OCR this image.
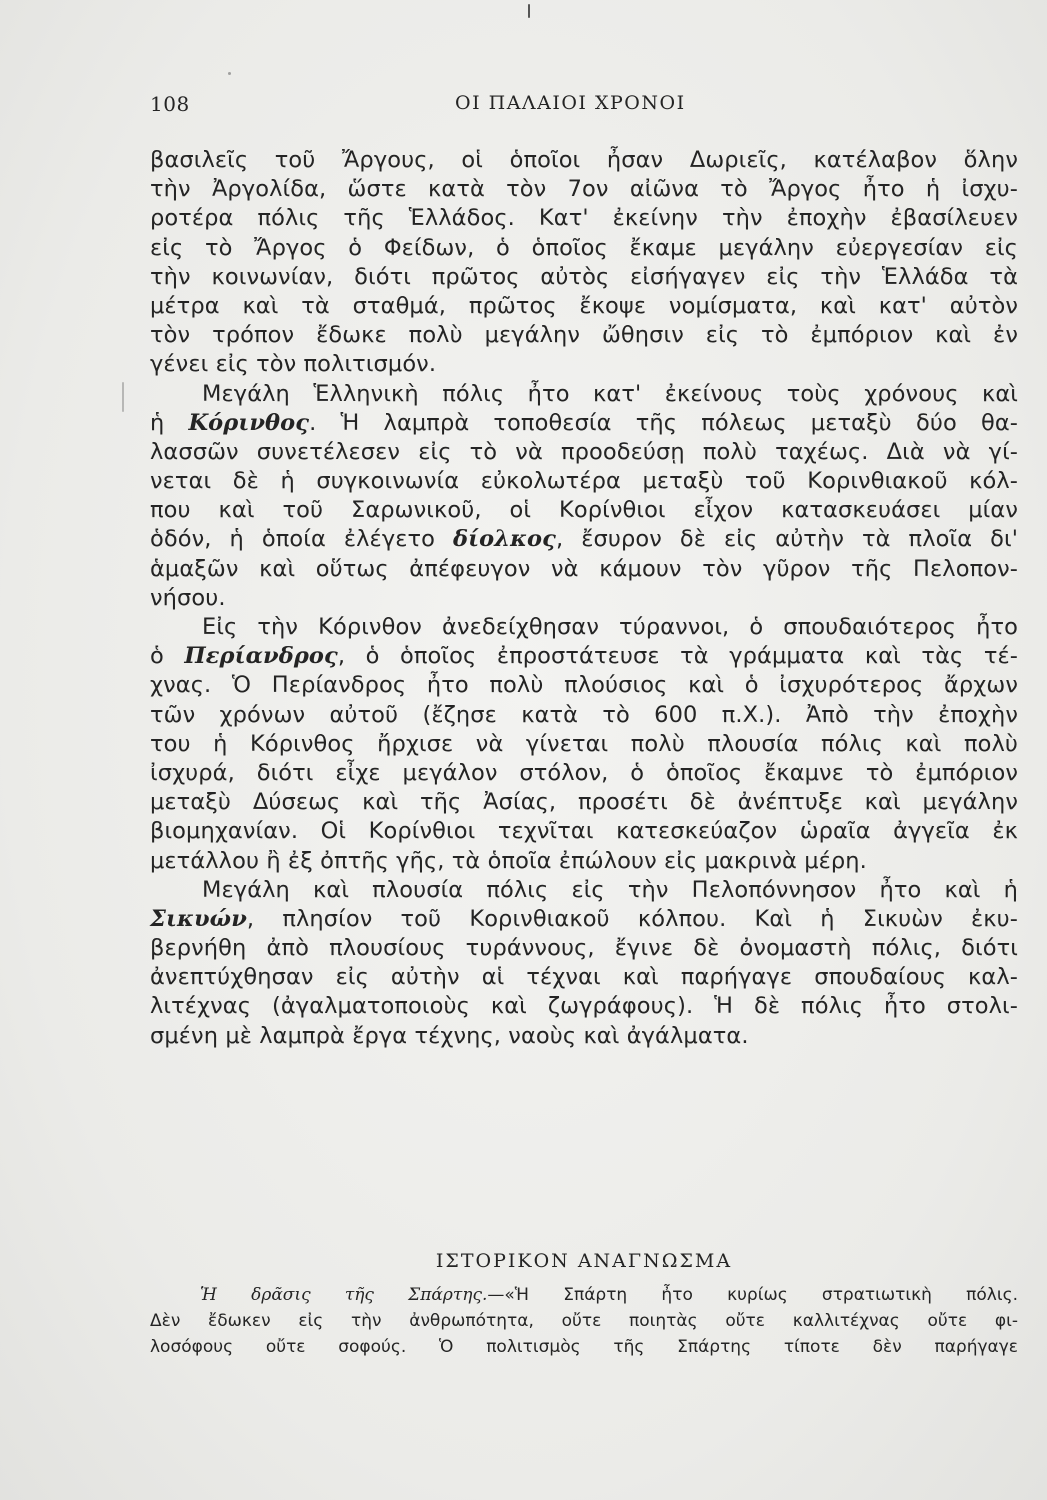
108	ΟΙ ΠΑΛΑΙΟΙ ΧΡΟΝΟΙ
βασιλεῖς τοῦ Ἄργους, οἱ ὁποῖοι ἦσαν Δωριεῖς, κατέλαβον ὅλην
τὴν Ἀργολίδα, ὥστε κατὰ τὸν 7ον αἰῶνα τὸ Ἄργος ἦτο ἡ ἰσχυ-
ροτέρα πόλις τῆς Ἑλλάδος. Κατ' ἐκείνην τὴν ἐποχὴν ἐβασίλευεν
εἰς τὸ Ἄργος ὁ Φείδων, ὁ ὁποῖος ἔκαμε μεγάλην εὐεργεσίαν εἰς
τὴν κοινωνίαν, διότι πρῶτος αὐτὸς εἰσήγαγεν εἰς τὴν Ἑλλάδα τὰ
μέτρα καὶ τὰ σταθμά, πρῶτος ἔκοψε νομίσματα, καὶ κατ' αὐτὸν
τὸν τρόπον ἔδωκε πολὺ μεγάλην ὤθησιν εἰς τὸ ἐμπόριον καὶ ἐν
γένει εἰς τὸν πολιτισμόν.
Μεγάλη Ἑλληνικὴ πόλις ἦτο κατ' ἐκείνους τοὺς χρόνους καὶ
ἡ Κόρινθος. Ἡ λαμπρὰ τοποθεσία τῆς πόλεως μεταξὺ δύο θα-
λασσῶν συνετέλεσεν εἰς τὸ νὰ προοδεύσῃ πολὺ ταχέως. Διὰ νὰ γί-
νεται δὲ ἡ συγκοινωνία εὐκολωτέρα μεταξὺ τοῦ Κορινθιακοῦ κόλ-
που καὶ τοῦ Σαρωνικοῦ, οἱ Κορίνθιοι εἶχον κατασκευάσει μίαν
ὁδόν, ἡ ὁποία ἐλέγετο δίολκος, ἔσυρον δὲ εἰς αὐτὴν τὰ πλοῖα δι'
ἁμαξῶν καὶ οὕτως ἀπέφευγον νὰ κάμουν τὸν γῦρον τῆς Πελοπον-
νήσου.
Εἰς τὴν Κόρινθον ἀνεδείχθησαν τύραννοι, ὁ σπουδαιότερος ἦτο
ὁ Περίανδρος, ὁ ὁποῖος ἐπροστάτευσε τὰ γράμματα καὶ τὰς τέ-
χνας. Ὁ Περίανδρος ἦτο πολὺ πλούσιος καὶ ὁ ἰσχυρότερος ἄρχων
τῶν χρόνων αὐτοῦ (ἔζησε κατὰ τὸ 600 π.Χ.). Ἀπὸ τὴν ἐποχὴν
του ἡ Κόρινθος ἤρχισε νὰ γίνεται πολὺ πλουσία πόλις καὶ πολὺ
ἰσχυρά, διότι εἶχε μεγάλον στόλον, ὁ ὁποῖος ἔκαμνε τὸ ἐμπόριον
μεταξὺ Δύσεως καὶ τῆς Ἀσίας, προσέτι δὲ ἀνέπτυξε καὶ μεγάλην
βιομηχανίαν. Οἱ Κορίνθιοι τεχνῖται κατεσκεύαζον ὡραῖα ἀγγεῖα ἐκ
μετάλλου ἢ ἐξ ὀπτῆς γῆς, τὰ ὁποῖα ἐπώλουν εἰς μακρινὰ μέρη.
Μεγάλη καὶ πλουσία πόλις εἰς τὴν Πελοπόννησον ἦτο καὶ ἡ
Σικυών, πλησίον τοῦ Κορινθιακοῦ κόλπου. Καὶ ἡ Σικυὼν ἐκυ-
βερνήθη ἀπὸ πλουσίους τυράννους, ἔγινε δὲ ὀνομαστὴ πόλις, διότι
ἀνεπτύχθησαν εἰς αὐτὴν αἱ τέχναι καὶ παρήγαγε σπουδαίους καλ-
λιτέχνας (ἀγαλματοποιοὺς καὶ ζωγράφους). Ἡ δὲ πόλις ἦτο στολι-
σμένη μὲ λαμπρὰ ἔργα τέχνης, ναοὺς καὶ ἀγάλματα.
ΙΣΤΟΡΙΚΟΝ ΑΝΑΓΝΩΣΜΑ
Ἡ δρᾶσις τῆς Σπάρτης.—«Ἡ Σπάρτη ἦτο κυρίως στρατιωτικὴ πόλις.
Δὲν ἔδωκεν εἰς τὴν ἀνθρωπότητα, οὔτε ποιητὰς οὔτε καλλιτέχνας οὔτε φι-
λοσόφους οὔτε σοφούς. Ὁ πολιτισμὸς τῆς Σπάρτης τίποτε δὲν παρήγαγε
